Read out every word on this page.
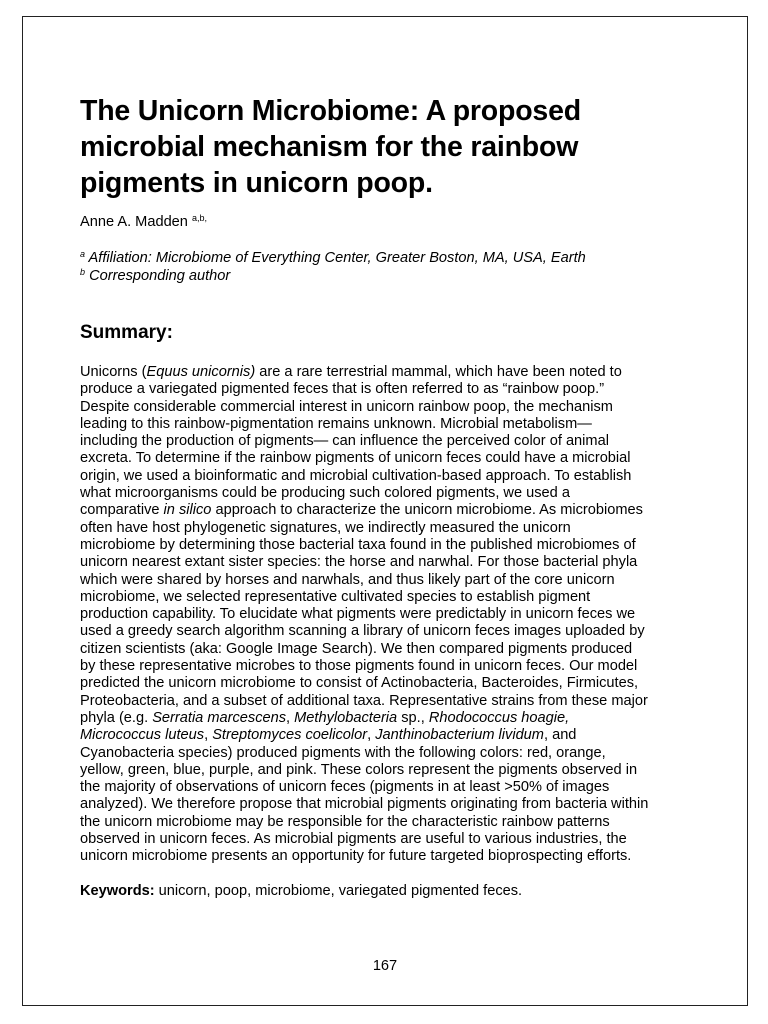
The Unicorn Microbiome: A proposed
microbial mechanism for the rainbow
pigments in unicorn poop.
Anne A. Madden $^{a,b,}$
$^a$ Affiliation: Microbiome of Everything Center, Greater Boston, MA, USA, Earth
$^b$ Corresponding author
Summary:
Unicorns (Equus unicornis) are a rare terrestrial mammal, which have been noted to
produce a variegated pigmented feces that is often referred to as “rainbow poop.”
Despite considerable commercial interest in unicorn rainbow poop, the mechanism
leading to this rainbow-pigmentation remains unknown. Microbial metabolism—
including the production of pigments— can influence the perceived color of animal
excreta. To determine if the rainbow pigments of unicorn feces could have a microbial
origin, we used a bioinformatic and microbial cultivation-based approach. To establish
what microorganisms could be producing such colored pigments, we used a
comparative in silico approach to characterize the unicorn microbiome. As microbiomes
often have host phylogenetic signatures, we indirectly measured the unicorn
microbiome by determining those bacterial taxa found in the published microbiomes of
unicorn nearest extant sister species: the horse and narwhal. For those bacterial phyla
which were shared by horses and narwhals, and thus likely part of the core unicorn
microbiome, we selected representative cultivated species to establish pigment
production capability. To elucidate what pigments were predictably in unicorn feces we
used a greedy search algorithm scanning a library of unicorn feces images uploaded by
citizen scientists (aka: Google Image Search). We then compared pigments produced
by these representative microbes to those pigments found in unicorn feces. Our model
predicted the unicorn microbiome to consist of Actinobacteria, Bacteroides, Firmicutes,
Proteobacteria, and a subset of additional taxa. Representative strains from these major
phyla (e.g. Serratia marcescens, Methylobacteria sp., Rhodococcus hoagie,
Micrococcus luteus, Streptomyces coelicolor, Janthinobacterium lividum, and
Cyanobacteria species) produced pigments with the following colors: red, orange,
yellow, green, blue, purple, and pink. These colors represent the pigments observed in
the majority of observations of unicorn feces (pigments in at least >50% of images
analyzed). We therefore propose that microbial pigments originating from bacteria within
the unicorn microbiome may be responsible for the characteristic rainbow patterns
observed in unicorn feces. As microbial pigments are useful to various industries, the
unicorn microbiome presents an opportunity for future targeted bioprospecting efforts.
Keywords: unicorn, poop, microbiome, variegated pigmented feces.
167
